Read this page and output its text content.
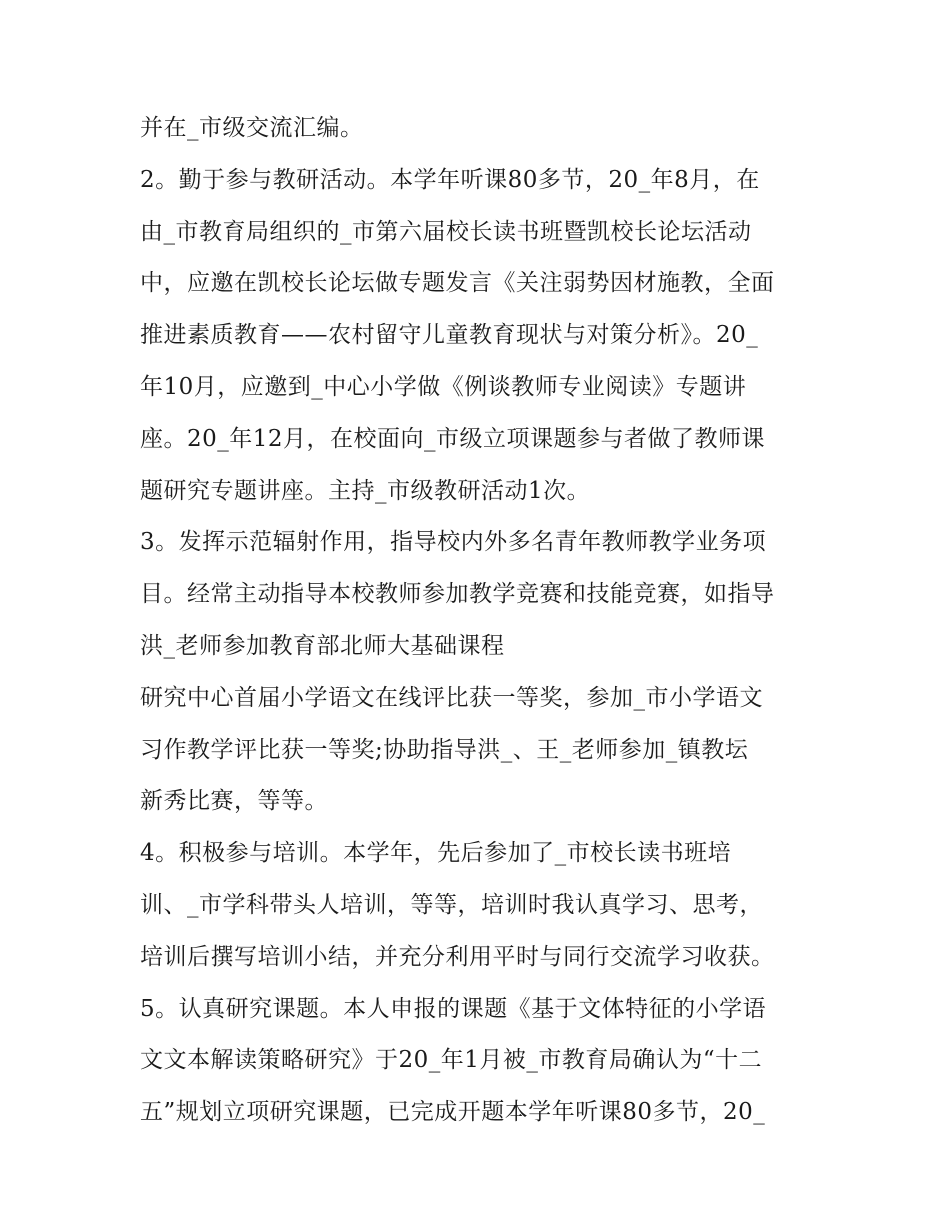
并在_市级交流汇编。
2。勤于参与教研活动。本学年听课80多节，20_年8月，在
由_市教育局组织的_市第六届校长读书班暨凯校长论坛活动
中，应邀在凯校长论坛做专题发言《关注弱势因材施教，全面
推进素质教育——农村留守儿童教育现状与对策分析》。20_
年10月，应邀到_中心小学做《例谈教师专业阅读》专题讲
座。20_年12月，在校面向_市级立项课题参与者做了教师课
题研究专题讲座。主持_市级教研活动1次。
3。发挥示范辐射作用，指导校内外多名青年教师教学业务项
目。经常主动指导本校教师参加教学竞赛和技能竞赛，如指导
洪_老师参加教育部北师大基础课程
研究中心首届小学语文在线评比获一等奖，参加_市小学语文
习作教学评比获一等奖;协助指导洪_、王_老师参加_镇教坛
新秀比赛，等等。
4。积极参与培训。本学年，先后参加了_市校长读书班培
训、_市学科带头人培训，等等，培训时我认真学习、思考，
培训后撰写培训小结，并充分利用平时与同行交流学习收获。
5。认真研究课题。本人申报的课题《基于文体特征的小学语
文文本解读策略研究》于20_年1月被_市教育局确认为“十二
五”规划立项研究课题，已完成开题本学年听课80多节，20_
